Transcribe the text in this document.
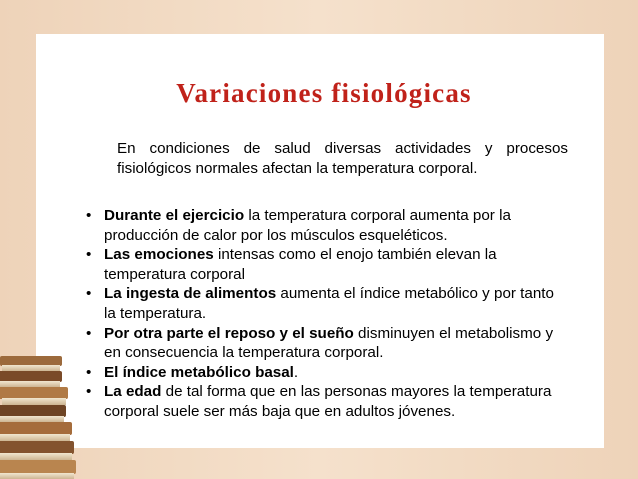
Variaciones fisiológicas
En condiciones de salud diversas actividades y procesos
fisiológicos normales afectan la temperatura corporal.
• Durante el ejercicio la temperatura corporal aumenta por la
producción de calor por los músculos esqueléticos.
• Las emociones intensas como el enojo también elevan la
temperatura corporal
• La ingesta de alimentos aumenta el índice metabólico y por tanto
la temperatura.
• Por otra parte el reposo y el sueño disminuyen el metabolismo y
en consecuencia la temperatura corporal.
• El índice metabólico basal.
• La edad de tal forma que en las personas mayores la temperatura
corporal suele ser más baja que en adultos jóvenes.
